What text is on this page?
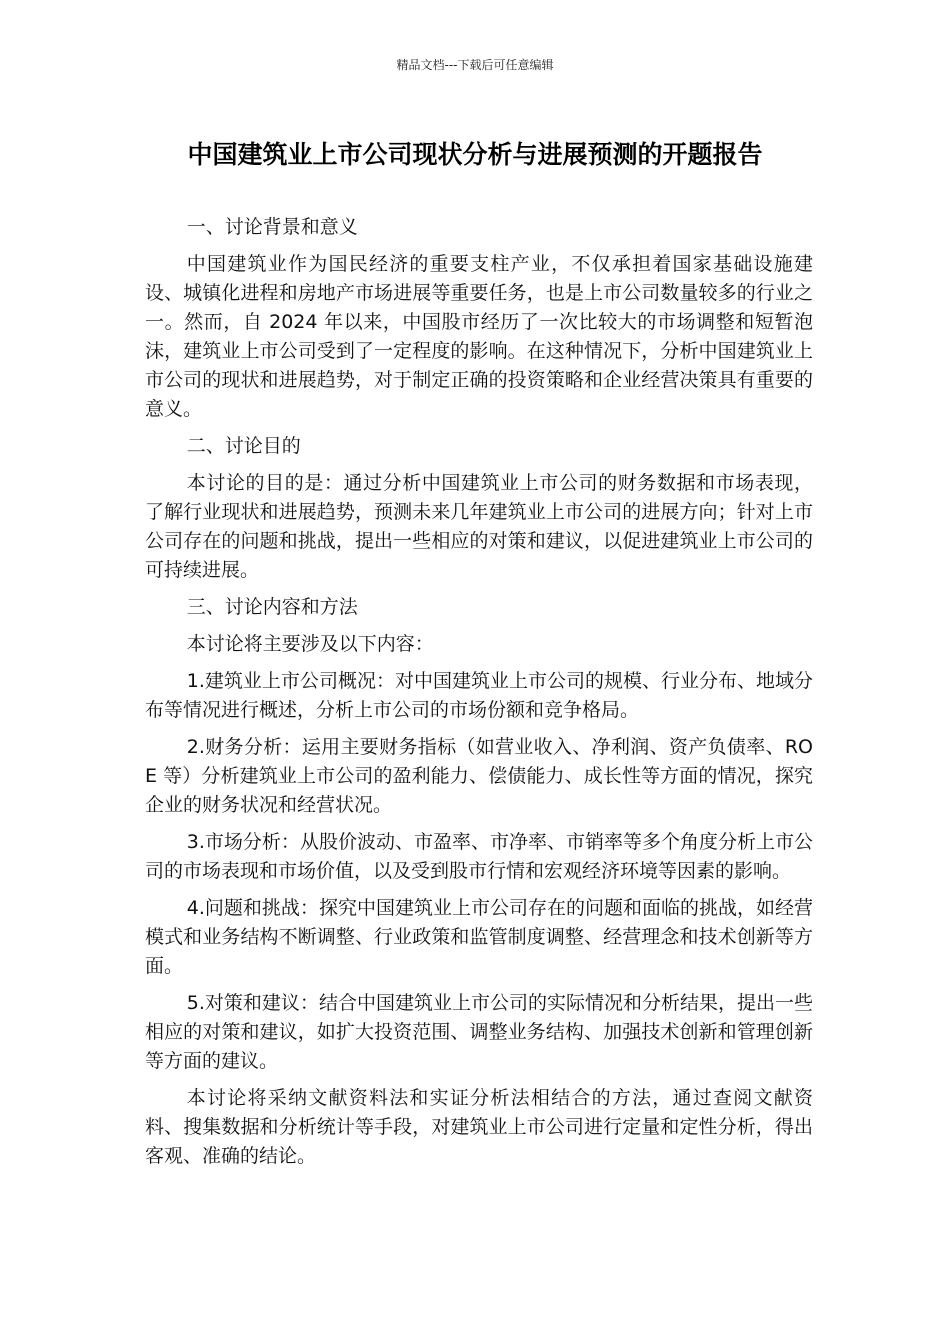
精品文档---下载后可任意编辑
中国建筑业上市公司现状分析与进展预测的开题报告

一、讨论背景和意义

中国建筑业作为国民经济的重要支柱产业，不仅承担着国家基础设施建设、城镇化进程和房地产市场进展等重要任务，也是上市公司数量较多的行业之一。然而，自 2024 年以来，中国股市经历了一次比较大的市场调整和短暂泡沫，建筑业上市公司受到了一定程度的影响。在这种情况下，分析中国建筑业上市公司的现状和进展趋势，对于制定正确的投资策略和企业经营决策具有重要的意义。

二、讨论目的

本讨论的目的是：通过分析中国建筑业上市公司的财务数据和市场表现，了解行业现状和进展趋势，预测未来几年建筑业上市公司的进展方向；针对上市公司存在的问题和挑战，提出一些相应的对策和建议，以促进建筑业上市公司的可持续进展。

三、讨论内容和方法

本讨论将主要涉及以下内容：

1.建筑业上市公司概况：对中国建筑业上市公司的规模、行业分布、地域分布等情况进行概述，分析上市公司的市场份额和竞争格局。

2.财务分析：运用主要财务指标（如营业收入、净利润、资产负债率、ROE 等）分析建筑业上市公司的盈利能力、偿债能力、成长性等方面的情况，探究企业的财务状况和经营状况。

3.市场分析：从股价波动、市盈率、市净率、市销率等多个角度分析上市公司的市场表现和市场价值，以及受到股市行情和宏观经济环境等因素的影响。

4.问题和挑战：探究中国建筑业上市公司存在的问题和面临的挑战，如经营模式和业务结构不断调整、行业政策和监管制度调整、经营理念和技术创新等方面。

5.对策和建议：结合中国建筑业上市公司的实际情况和分析结果，提出一些相应的对策和建议，如扩大投资范围、调整业务结构、加强技术创新和管理创新等方面的建议。

本讨论将采纳文献资料法和实证分析法相结合的方法，通过查阅文献资料、搜集数据和分析统计等手段，对建筑业上市公司进行定量和定性分析，得出客观、准确的结论。
